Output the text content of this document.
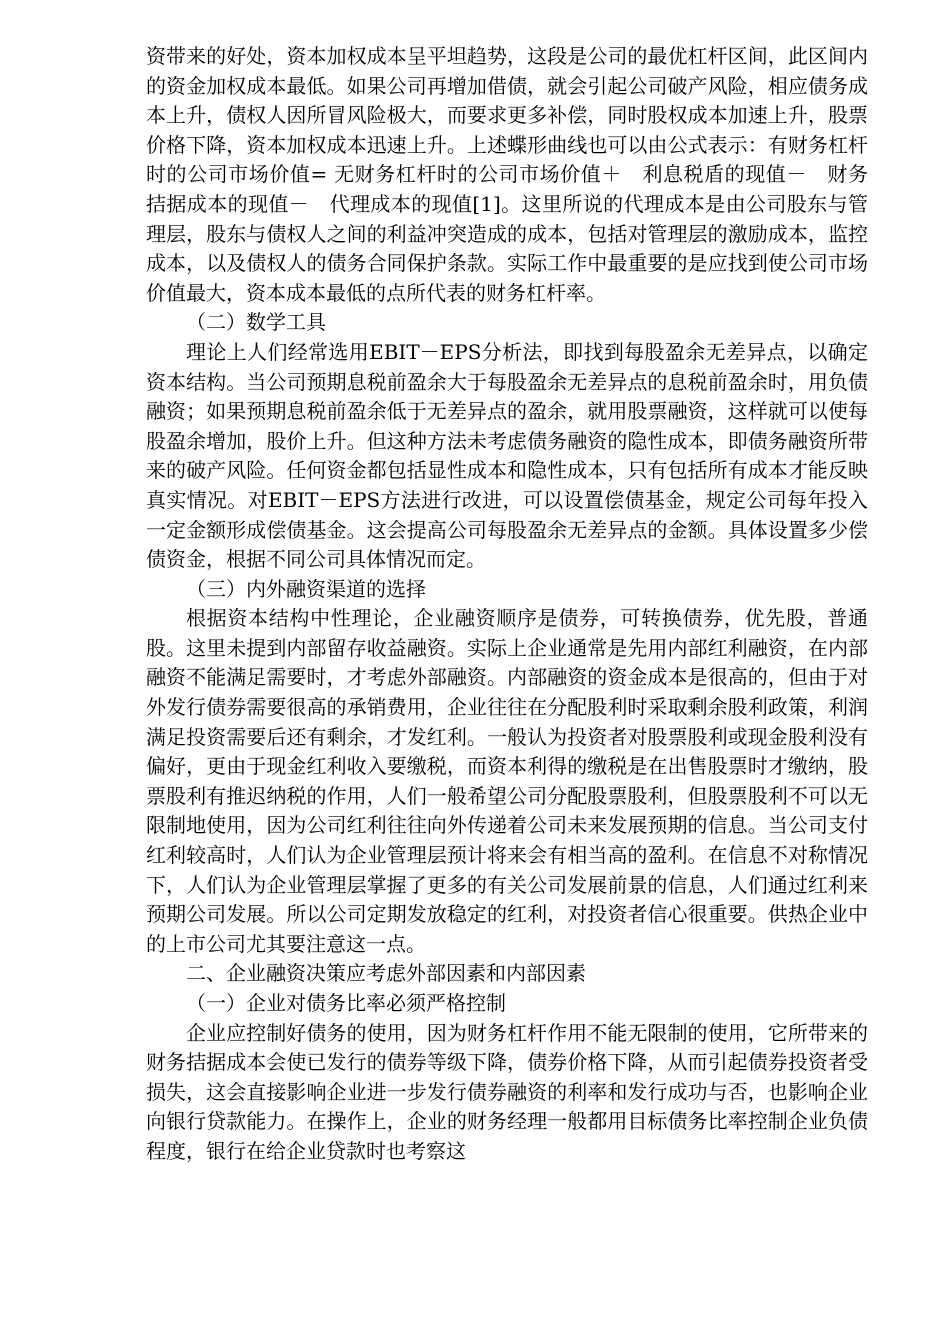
资带来的好处，资本加权成本呈平坦趋势，这段是公司的最优杠杆区间，此区间内的资金加权成本最低。如果公司再增加借债，就会引起公司破产风险，相应债务成本上升，债权人因所冒风险极大，而要求更多补偿，同时股权成本加速上升，股票价格下降，资本加权成本迅速上升。上述蝶形曲线也可以由公式表示：有财务杠杆时的公司市场价值= 无财务杠杆时的公司市场价值＋　利息税盾的现值－　财务拮据成本的现值－　代理成本的现值[1]。这里所说的代理成本是由公司股东与管理层，股东与债权人之间的利益冲突造成的成本，包括对管理层的激励成本，监控成本，以及债权人的债务合同保护条款。实际工作中最重要的是应找到使公司市场价值最大，资本成本最低的点所代表的财务杠杆率。

（二）数学工具

理论上人们经常选用EBIT－EPS分析法，即找到每股盈余无差异点，以确定资本结构。当公司预期息税前盈余大于每股盈余无差异点的息税前盈余时，用负债融资；如果预期息税前盈余低于无差异点的盈余，就用股票融资，这样就可以使每股盈余增加，股价上升。但这种方法未考虑债务融资的隐性成本，即债务融资所带来的破产风险。任何资金都包括显性成本和隐性成本，只有包括所有成本才能反映真实情况。对EBIT－EPS方法进行改进，可以设置偿债基金，规定公司每年投入一定金额形成偿债基金。这会提高公司每股盈余无差异点的金额。具体设置多少偿债资金，根据不同公司具体情况而定。

（三）内外融资渠道的选择

根据资本结构中性理论，企业融资顺序是债券，可转换债券，优先股，普通股。这里未提到内部留存收益融资。实际上企业通常是先用内部红利融资，在内部融资不能满足需要时，才考虑外部融资。内部融资的资金成本是很高的，但由于对外发行债券需要很高的承销费用，企业往往在分配股利时采取剩余股利政策，利润满足投资需要后还有剩余，才发红利。一般认为投资者对股票股利或现金股利没有偏好，更由于现金红利收入要缴税，而资本利得的缴税是在出售股票时才缴纳，股票股利有推迟纳税的作用，人们一般希望公司分配股票股利，但股票股利不可以无限制地使用，因为公司红利往往向外传递着公司未来发展预期的信息。当公司支付红利较高时，人们认为企业管理层预计将来会有相当高的盈利。在信息不对称情况下，人们认为企业管理层掌握了更多的有关公司发展前景的信息，人们通过红利来预期公司发展。所以公司定期发放稳定的红利，对投资者信心很重要。供热企业中的上市公司尤其要注意这一点。

二、企业融资决策应考虑外部因素和内部因素

（一）企业对债务比率必须严格控制

企业应控制好债务的使用，因为财务杠杆作用不能无限制的使用，它所带来的财务拮据成本会使已发行的债券等级下降，债券价格下降，从而引起债券投资者受损失，这会直接影响企业进一步发行债券融资的利率和发行成功与否，也影响企业向银行贷款能力。在操作上，企业的财务经理一般都用目标债务比率控制企业负债程度，银行在给企业贷款时也考察这
